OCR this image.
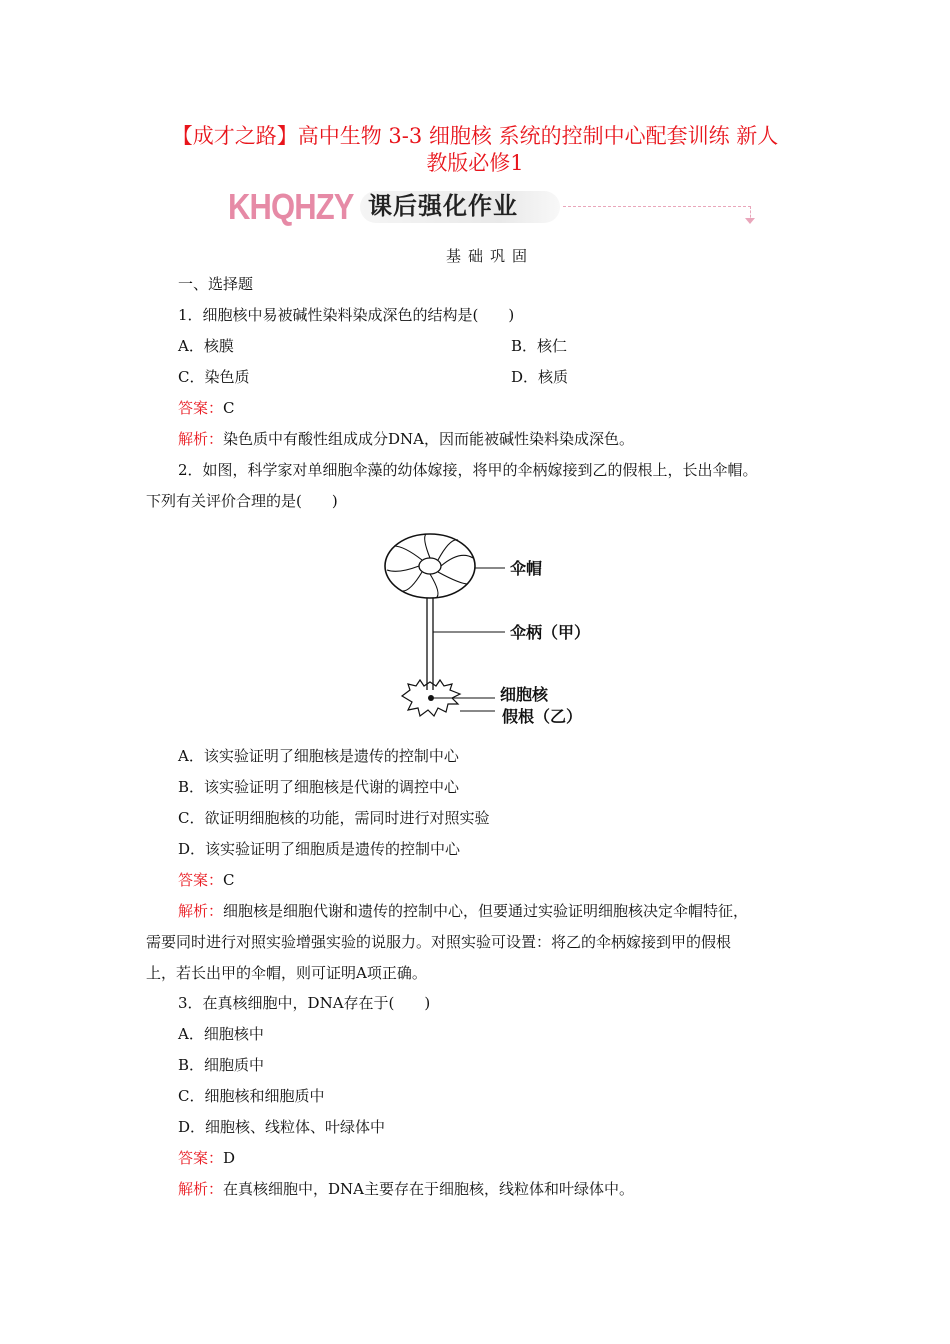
【成才之路】高中生物 3-3 细胞核 系统的控制中心配套训练 新人
教版必修1
KHQHZY 课后强化作业
基础巩固
一、选择题
1．细胞核中易被碱性染料染成深色的结构是(　　)
A．核膜	B．核仁
C．染色质	D．核质
答案：C
解析：染色质中有酸性组成成分DNA，因而能被碱性染料染成深色。
2．如图，科学家对单细胞伞藻的幼体嫁接，将甲的伞柄嫁接到乙的假根上，长出伞帽。
下列有关评价合理的是(　　)
伞帽
伞柄（甲）
细胞核
假根（乙）
A．该实验证明了细胞核是遗传的控制中心
B．该实验证明了细胞核是代谢的调控中心
C．欲证明细胞核的功能，需同时进行对照实验
D．该实验证明了细胞质是遗传的控制中心
答案：C
解析：细胞核是细胞代谢和遗传的控制中心，但要通过实验证明细胞核决定伞帽特征，
需要同时进行对照实验增强实验的说服力。对照实验可设置：将乙的伞柄嫁接到甲的假根
上，若长出甲的伞帽，则可证明A项正确。
3．在真核细胞中，DNA存在于(　　)
A．细胞核中
B．细胞质中
C．细胞核和细胞质中
D．细胞核、线粒体、叶绿体中
答案：D
解析：在真核细胞中，DNA主要存在于细胞核，线粒体和叶绿体中。
